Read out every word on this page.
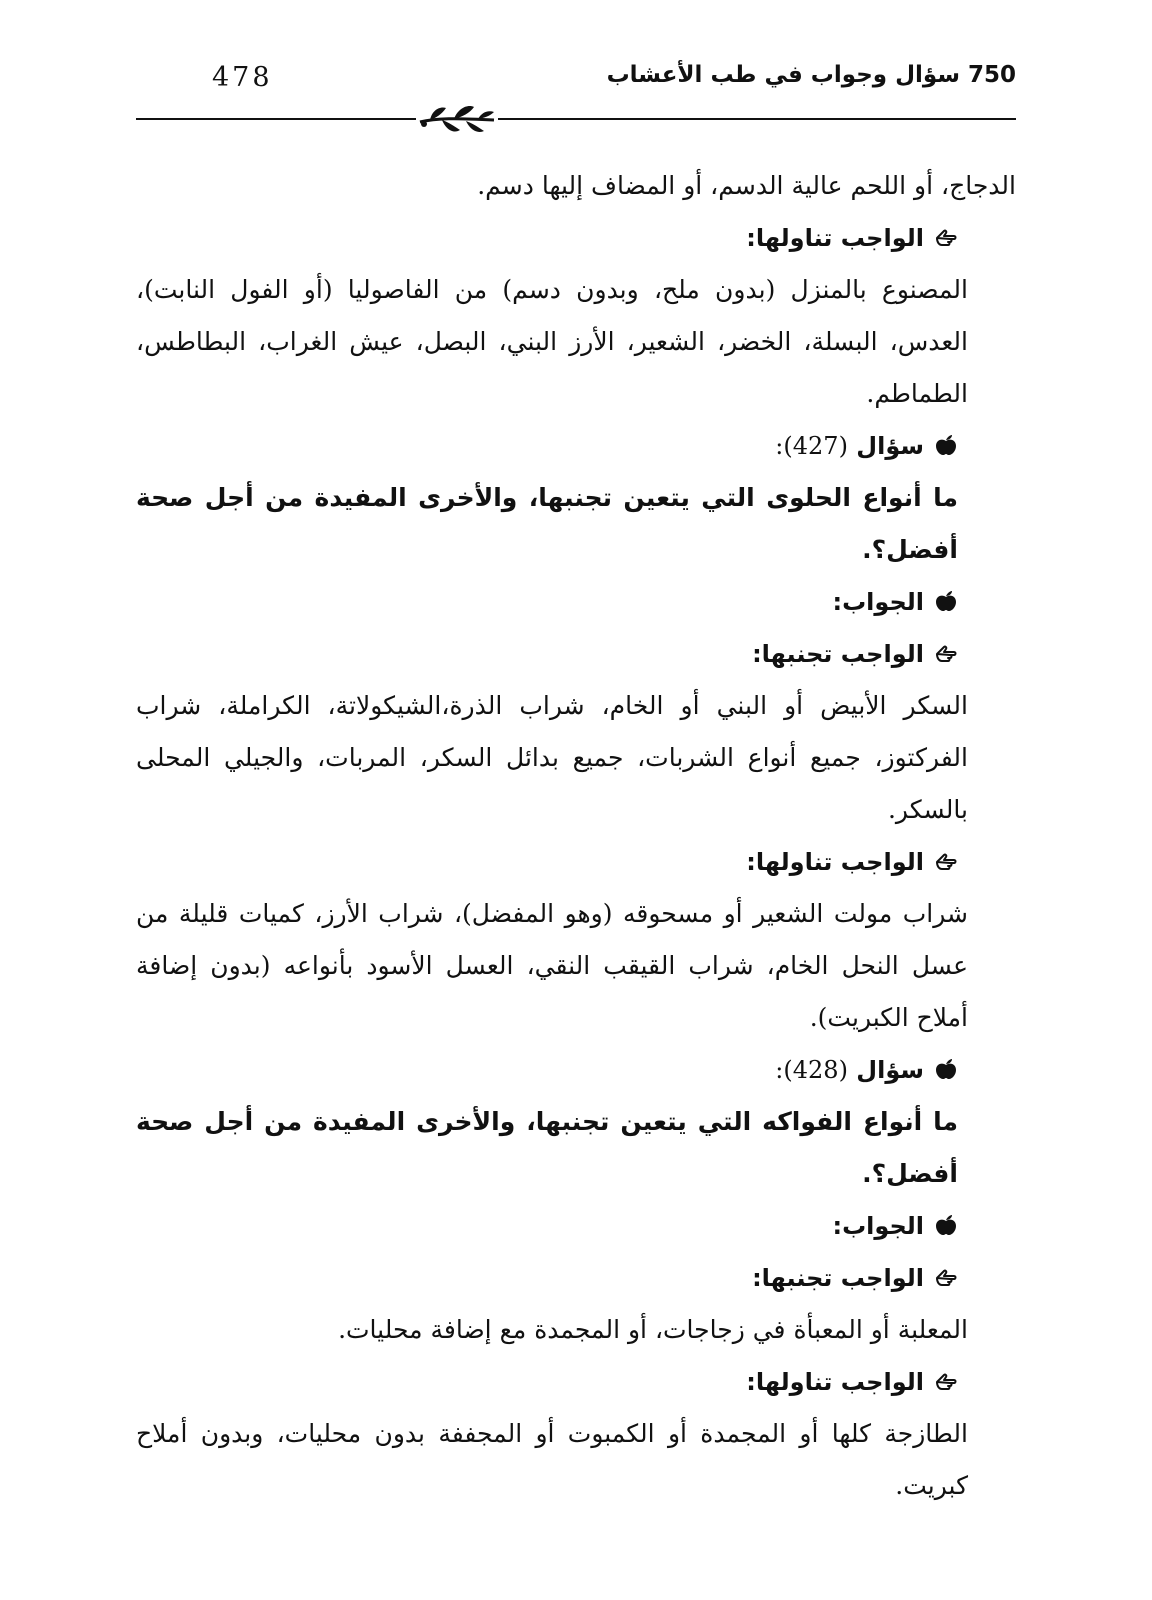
478	750 سؤال وجواب في طب الأعشاب

الدجاج، أو اللحم عالية الدسم، أو المضاف إليها دسم.

الواجب تناولها:

المصنوع بالمنزل (بدون ملح، وبدون دسم) من الفاصوليا (أو الفول النابت)، العدس، البسلة، الخضر، الشعير، الأرز البني، البصل، عيش الغراب، البطاطس، الطماطم.

سؤال (427):

ما أنواع الحلوى التي يتعين تجنبها، والأخرى المفيدة من أجل صحة أفضل؟.

الجواب:

الواجب تجنبها:

السكر الأبيض أو البني أو الخام، شراب الذرة،الشيكولاتة، الكراملة، شراب الفركتوز، جميع أنواع الشربات، جميع بدائل السكر، المربات، والجيلي المحلى بالسكر.

الواجب تناولها:

شراب مولت الشعير أو مسحوقه (وهو المفضل)، شراب الأرز، كميات قليلة من عسل النحل الخام، شراب القيقب النقي، العسل الأسود بأنواعه (بدون إضافة أملاح الكبريت).

سؤال (428):

ما أنواع الفواكه التي يتعين تجنبها، والأخرى المفيدة من أجل صحة أفضل؟.

الجواب:

الواجب تجنبها:

المعلبة أو المعبأة في زجاجات، أو المجمدة مع إضافة محليات.

الواجب تناولها:

الطازجة كلها أو المجمدة أو الكمبوت أو المجففة بدون محليات، وبدون أملاح كبريت.
